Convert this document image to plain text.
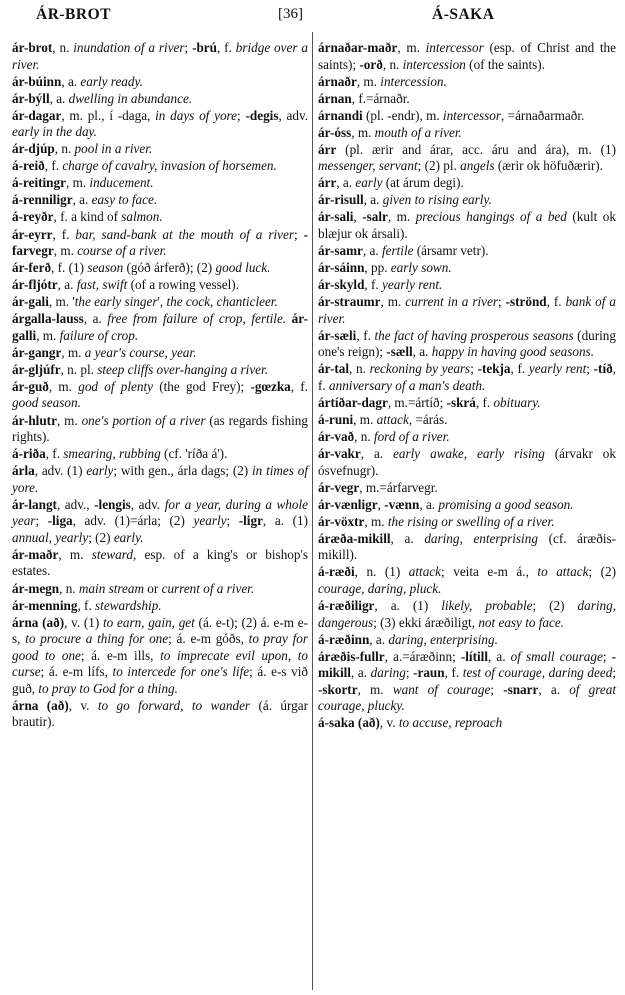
ÁR-BROT	[36]	Á-SAKA
ár-brot, n. inundation of a river; -brú, f. bridge over a river.
ár-búinn, a. early ready.
ár-býll, a. dwelling in abundance.
ár-dagar, m. pl., í -daga, in days of yore; -degis, adv. early in the day.
ár-djúp, n. pool in a river.
á-reið, f. charge of cavalry, invasion of horsemen.
á-reitingr, m. inducement.
á-renniligr, a. easy to face.
á-reyðr, f. a kind of salmon.
ár-eyrr, f. bar, sand-bank at the mouth of a river; -farvegr, m. course of a river.
ár-ferð, f. (1) season (góð árferð); (2) good luck.
ár-fljótr, a. fast, swift (of a rowing vessel).
ár-gali, m. 'the early singer', the cock, chanticleer.
árgalla-lauss, a. free from failure of crop, fertile. ár-galli, m. failure of crop.
ár-gangr, m. a year's course, year.
ár-gljúfr, n. pl. steep cliffs over-hanging a river.
ár-guð, m. god of plenty (the god Frey); -gœzka, f. good season.
ár-hlutr, m. one's portion of a river (as regards fishing rights).
á-riða, f. smearing, rubbing (cf. 'ríða á').
árla, adv. (1) early; with gen., árla dags; (2) in times of yore.
ár-langt, adv., -lengis, adv. for a year, during a whole year; -liga, adv. (1)=árla; (2) yearly; -ligr, a. (1) annual, yearly; (2) early.
ár-maðr, m. steward, esp. of a king's or bishop's estates.
ár-megn, n. main stream or current of a river.
ár-menning, f. stewardship.
árna (að), v. (1) to earn, gain, get (á. e-t); (2) á. e-m e-s, to procure a thing for one; á. e-m góðs, to pray for good to one; á. e-m ills, to imprecate evil upon, to curse; á. e-m lífs, to intercede for one's life; á. e-s við guð, to pray to God for a thing.
árna (að), v. to go forward, to wander (á. úrgar brautir).
árnaðar-maðr, m. intercessor (esp. of Christ and the saints); -orð, n. intercession (of the saints).
árnaðr, m. intercession.
árnan, f.=árnaðr.
árnandi (pl. -endr), m. intercessor, =árnaðarmaðr.
ár-óss, m. mouth of a river.
árr (pl. ærir and árar, acc. áru and ára), m. (1) messenger, servant; (2) pl. angels (ærir ok höfuðærir).
árr, a. early (at árum degi).
ár-risull, a. given to rising early.
ár-sali, -salr, m. precious hangings of a bed (kult ok blæjur ok ársali).
ár-samr, a. fertile (ársamr vetr).
ár-sáinn, pp. early sown.
ár-skyld, f. yearly rent.
ár-straumr, m. current in a river; -strönd, f. bank of a river.
ár-sæli, f. the fact of having prosperous seasons (during one's reign); -sæll, a. happy in having good seasons.
ár-tal, n. reckoning by years; -tekja, f. yearly rent; -tíð, f. anniversary of a man's death.
ártíðar-dagr, m.=ártíð; -skrá, f. obituary.
á-runi, m. attack, =árás.
ár-vað, n. ford of a river.
ár-vakr, a. early awake, early rising (árvakr ok ósvefnugr).
ár-vegr, m.=árfarvegr.
ár-vænligr, -vænn, a. promising a good season.
ár-vöxtr, m. the rising or swelling of a river.
áræða-mikill, a. daring, enterprising (cf. áræðis-mikill).
á-ræði, n. (1) attack; veita e-m á., to attack; (2) courage, daring, pluck.
á-ræðiligr, a. (1) likely, probable; (2) daring, dangerous; (3) ekki áræðiligt, not easy to face.
á-ræðinn, a. daring, enterprising.
áræðis-fullr, a.=áræðinn; -lítill, a. of small courage; -mikill, a. daring; -raun, f. test of courage, daring deed; -skortr, m. want of courage; -snarr, a. of great courage, plucky.
á-saka (að), v. to accuse, reproach
